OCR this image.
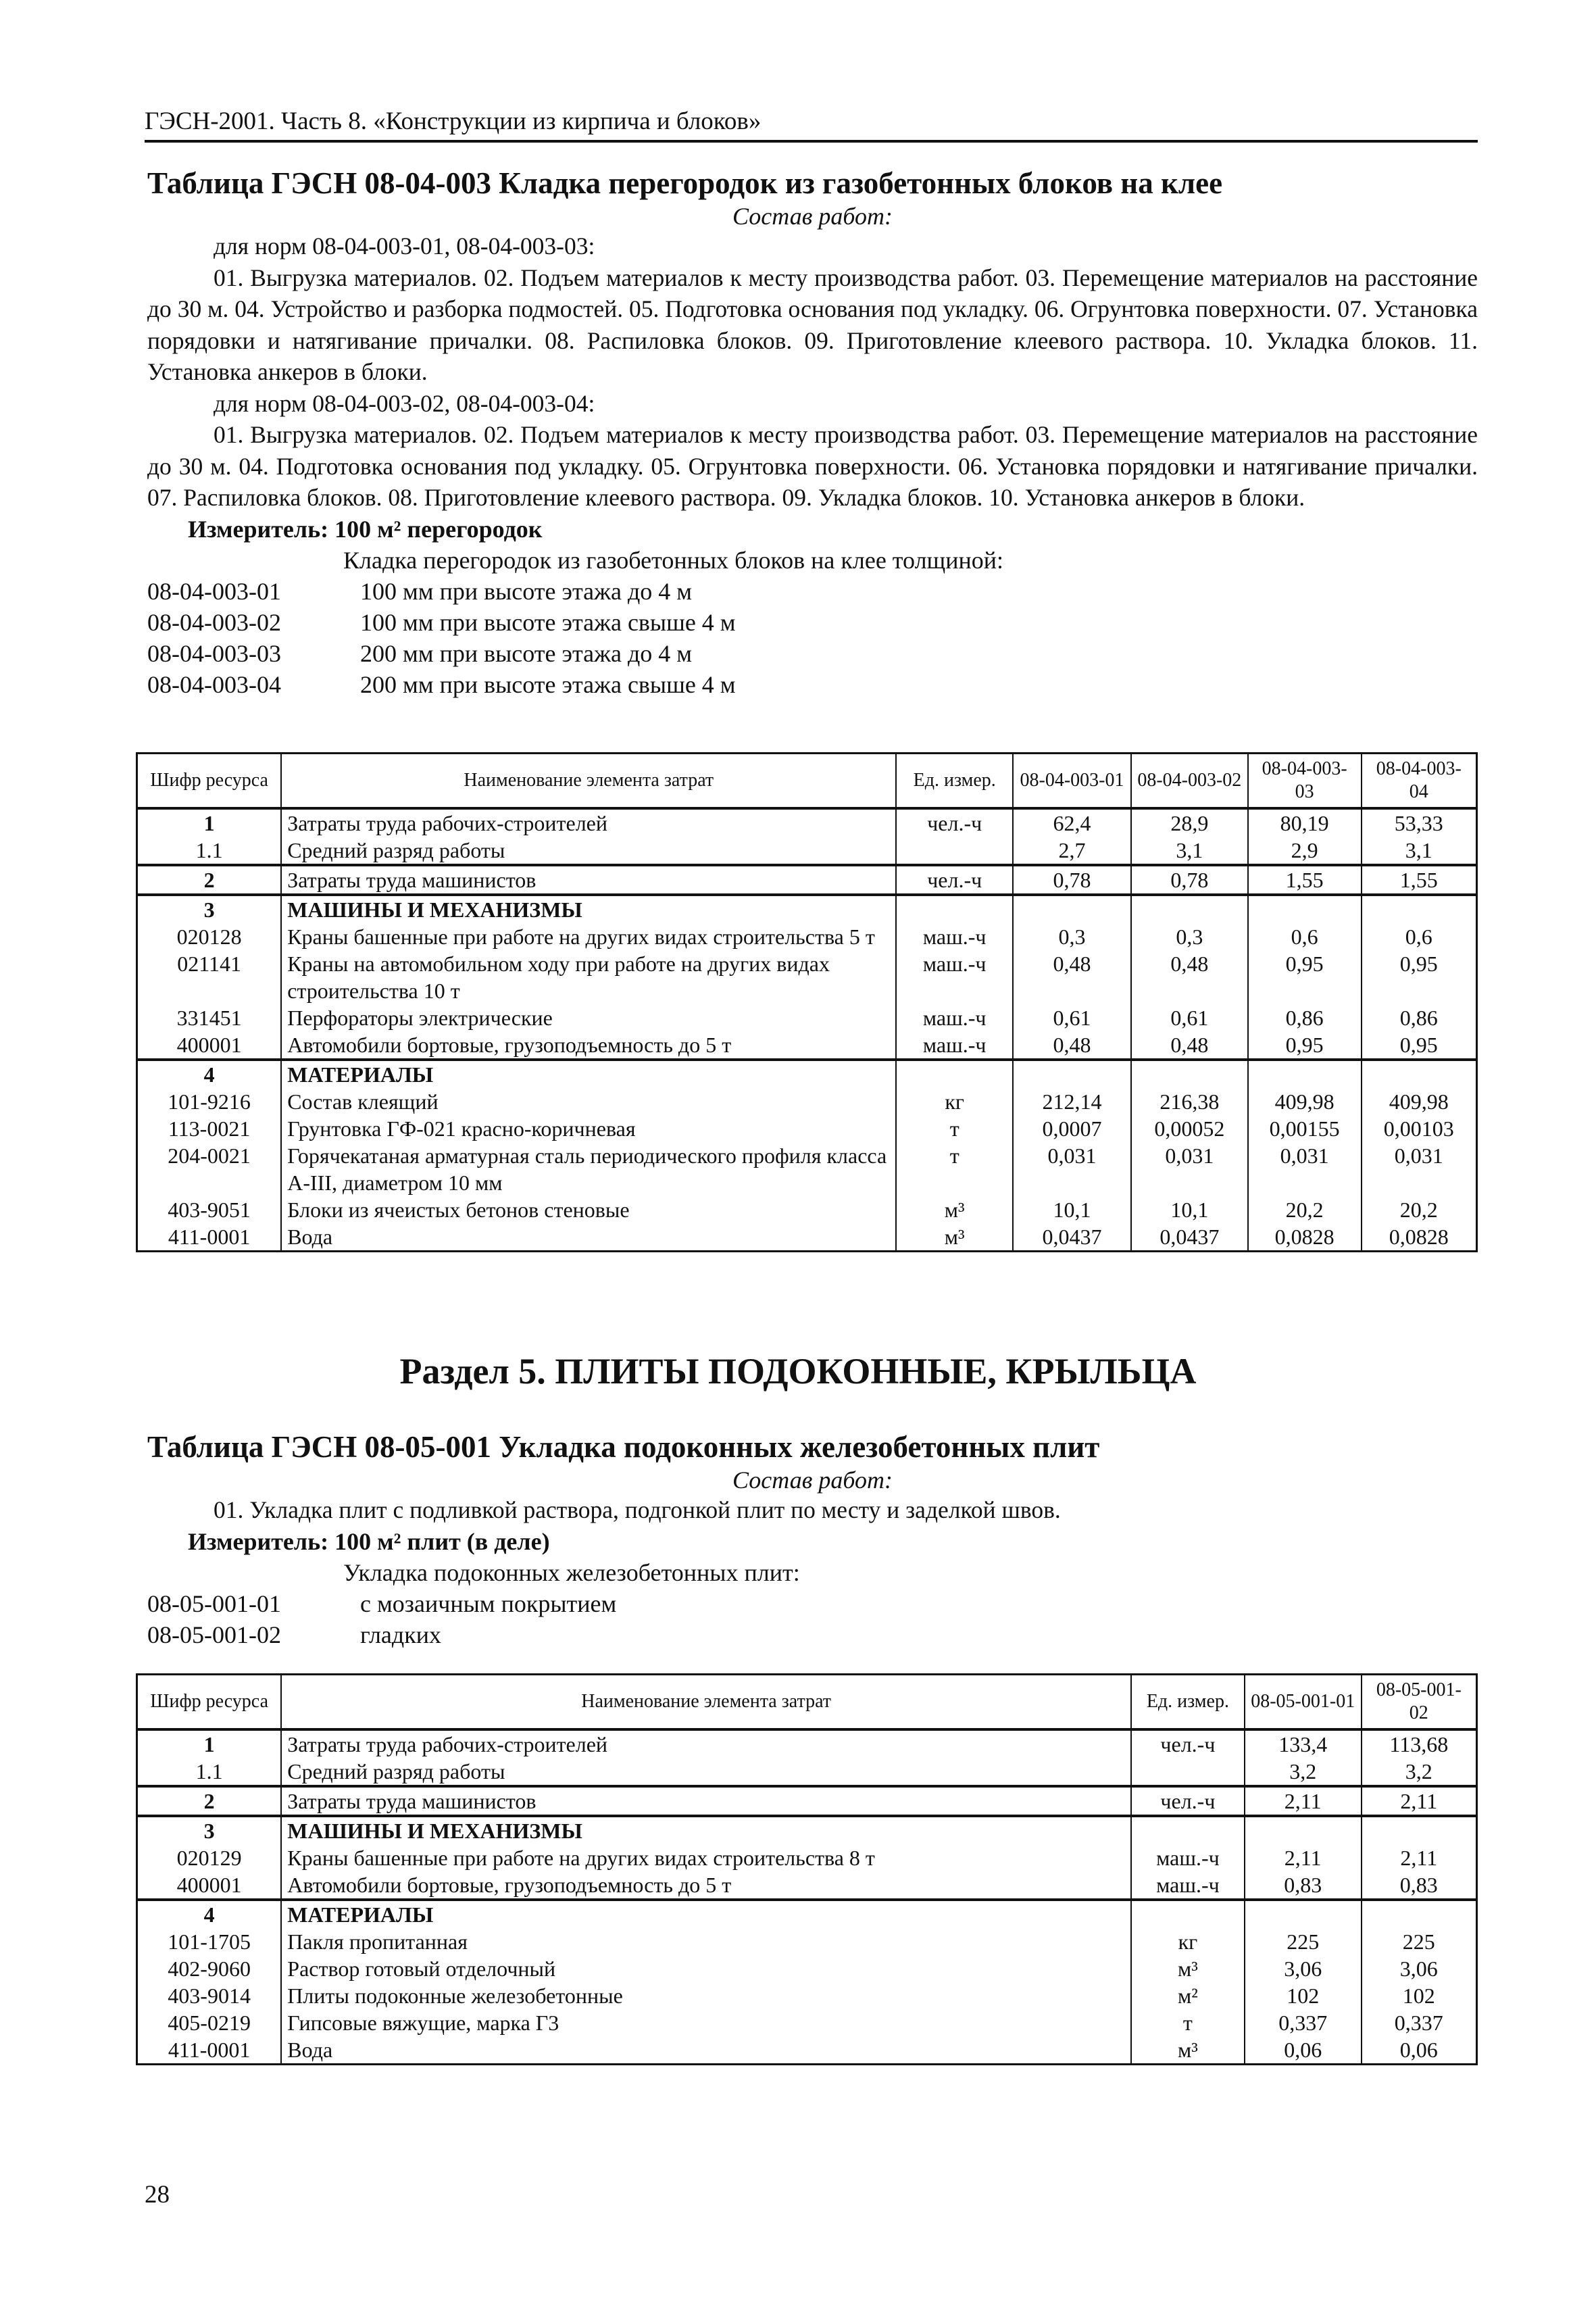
ГЭСН-2001. Часть 8. «Конструкции из кирпича и блоков»
Таблица ГЭСН 08-04-003 Кладка перегородок из газобетонных блоков на клее
Состав работ:
для норм 08-04-003-01, 08-04-003-03:
01. Выгрузка материалов. 02. Подъем материалов к месту производства работ. 03. Перемещение материалов на расстояние до 30 м. 04. Устройство и разборка подмостей. 05. Подготовка основания под укладку. 06. Огрунтовка поверхности. 07. Установка порядовки и натягивание причалки. 08. Распиловка блоков. 09. Приготовление клеевого раствора. 10. Укладка блоков. 11. Установка анкеров в блоки.
для норм 08-04-003-02, 08-04-003-04:
01. Выгрузка материалов. 02. Подъем материалов к месту производства работ. 03. Перемещение материалов на расстояние до 30 м. 04. Подготовка основания под укладку. 05. Огрунтовка поверхности. 06. Установка порядовки и натягивание причалки. 07. Распиловка блоков. 08. Приготовление клеевого раствора. 09. Укладка блоков. 10. Установка анкеров в блоки.
Измеритель: 100 м² перегородок
Кладка перегородок из газобетонных блоков на клее толщиной:
08-04-003-01	100 мм при высоте этажа до 4 м
08-04-003-02	100 мм при высоте этажа свыше 4 м
08-04-003-03	200 мм при высоте этажа до 4 м
08-04-003-04	200 мм при высоте этажа свыше 4 м
Шифр ресурса	Наименование элемента затрат	Ед. измер.	08-04-003-01	08-04-003-02	08-04-003-03	08-04-003-04
1	Затраты труда рабочих-строителей	чел.-ч	62,4	28,9	80,19	53,33
1.1	Средний разряд работы		2,7	3,1	2,9	3,1
2	Затраты труда машинистов	чел.-ч	0,78	0,78	1,55	1,55
3	МАШИНЫ И МЕХАНИЗМЫ					
020128	Краны башенные при работе на других видах строительства 5 т	маш.-ч	0,3	0,3	0,6	0,6
021141	Краны на автомобильном ходу при работе на других видах строительства 10 т	маш.-ч	0,48	0,48	0,95	0,95
331451	Перфораторы электрические	маш.-ч	0,61	0,61	0,86	0,86
400001	Автомобили бортовые, грузоподъемность до 5 т	маш.-ч	0,48	0,48	0,95	0,95
4	МАТЕРИАЛЫ					
101-9216	Состав клеящий	кг	212,14	216,38	409,98	409,98
113-0021	Грунтовка ГФ-021 красно-коричневая	т	0,0007	0,00052	0,00155	0,00103
204-0021	Горячекатаная арматурная сталь периодического профиля класса А-III, диаметром 10 мм	т	0,031	0,031	0,031	0,031
403-9051	Блоки из ячеистых бетонов стеновые	м³	10,1	10,1	20,2	20,2
411-0001	Вода	м³	0,0437	0,0437	0,0828	0,0828
Раздел 5. ПЛИТЫ ПОДОКОННЫЕ, КРЫЛЬЦА
Таблица ГЭСН 08-05-001 Укладка подоконных железобетонных плит
Состав работ:
01. Укладка плит с подливкой раствора, подгонкой плит по месту и заделкой швов.
Измеритель: 100 м² плит (в деле)
Укладка подоконных железобетонных плит:
08-05-001-01	с мозаичным покрытием
08-05-001-02	гладких
Шифр ресурса	Наименование элемента затрат	Ед. измер.	08-05-001-01	08-05-001-02
1	Затраты труда рабочих-строителей	чел.-ч	133,4	113,68
1.1	Средний разряд работы		3,2	3,2
2	Затраты труда машинистов	чел.-ч	2,11	2,11
3	МАШИНЫ И МЕХАНИЗМЫ			
020129	Краны башенные при работе на других видах строительства 8 т	маш.-ч	2,11	2,11
400001	Автомобили бортовые, грузоподъемность до 5 т	маш.-ч	0,83	0,83
4	МАТЕРИАЛЫ			
101-1705	Пакля пропитанная	кг	225	225
402-9060	Раствор готовый отделочный	м³	3,06	3,06
403-9014	Плиты подоконные железобетонные	м²	102	102
405-0219	Гипсовые вяжущие, марка Г3	т	0,337	0,337
411-0001	Вода	м³	0,06	0,06
28
